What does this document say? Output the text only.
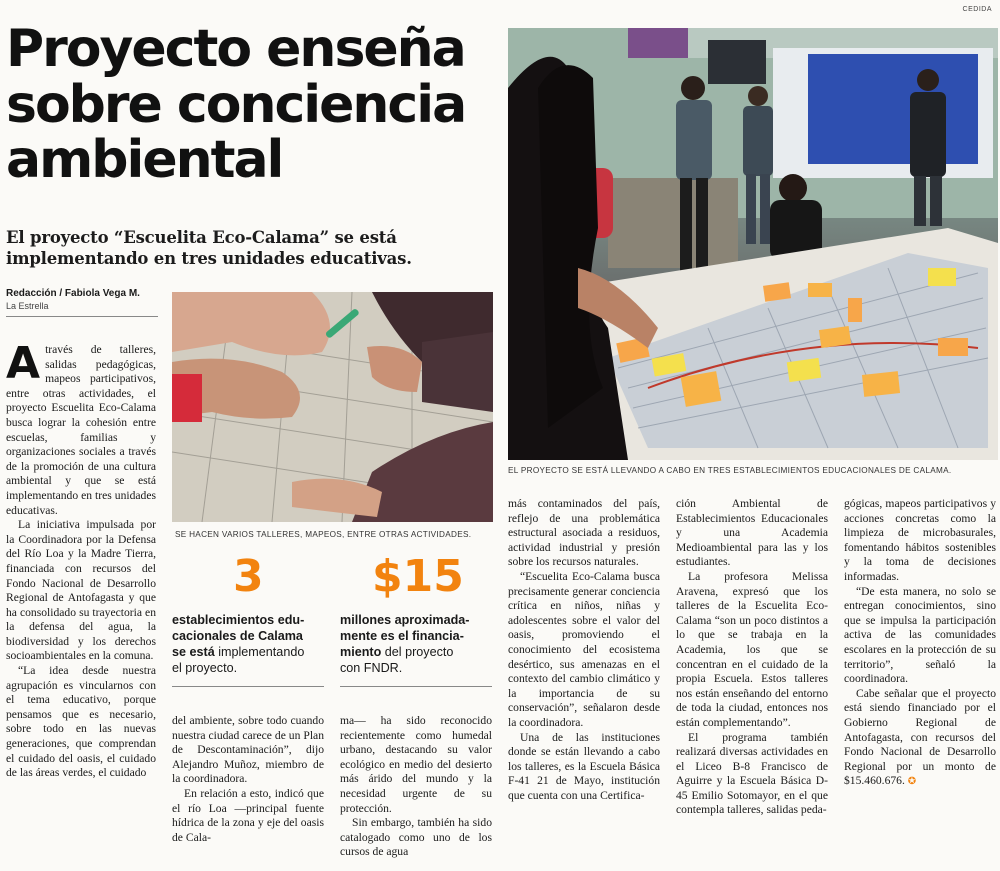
CEDIDA
Proyecto enseña
sobre conciencia
ambiental
El proyecto “Escuelita Eco-Calama” se está
implementando en tres unidades educativas.
Redacción / Fabiola Vega M.
La Estrella
EL PROYECTO SE ESTÁ LLEVANDO A CABO EN TRES ESTABLECIMIENTOS EDUCACIONALES DE CALAMA.
SE HACEN VARIOS TALLERES, MAPEOS, ENTRE OTRAS ACTIVIDADES.
3
establecimientos edu-
cacionales de Calama
se está implementando
el proyecto.
$15
millones aproximada-
mente es el financia-
miento del proyecto
con FNDR.

Através de talleres, salidas pedagógicas, mapeos participativos, entre otras actividades, el proyecto Escuelita Eco-Calama busca lograr la cohesión entre escuelas, familias y organizaciones sociales a través de la promoción de una cultura ambiental y que se está implementando en tres unidades educativas.

La iniciativa impulsada por la Coordinadora por la Defensa del Río Loa y la Madre Tierra, financiada con recursos del Fondo Nacional de Desarrollo Regional de Antofagasta y que ha consolidado su trayectoria en la defensa del agua, la biodiversidad y los derechos socioambientales en la comuna.

“La idea desde nuestra agrupación es vincularnos con el tema educativo, porque pensamos que es necesario, sobre todo en las nuevas generaciones, que comprendan el cuidado del oasis, el cuidado de las áreas verdes, el cuidado

del ambiente, sobre todo cuando nuestra ciudad carece de un Plan de Descontaminación”, dijo Alejandro Muñoz, miembro de la coordinadora.

En relación a esto, indicó que el río Loa —principal fuente hídrica de la zona y eje del oasis de Cala-

ma— ha sido reconocido recientemente como humedal urbano, destacando su valor ecológico en medio del desierto más árido del mundo y la necesidad urgente de su protección.

Sin embargo, también ha sido catalogado como uno de los cursos de agua

más contaminados del país, reflejo de una problemática estructural asociada a residuos, actividad industrial y presión sobre los recursos naturales.

“Escuelita Eco-Calama busca precisamente generar conciencia crítica en niños, niñas y adolescentes sobre el valor del oasis, promoviendo el conocimiento del ecosistema desértico, sus amenazas en el contexto del cambio climático y la importancia de su conservación”, señalaron desde la coordinadora.

Una de las instituciones donde se están llevando a cabo los talleres, es la Escuela Básica F-41 21 de Mayo, institución que cuenta con una Certifica-

ción Ambiental de Establecimientos Educacionales y una Academia Medioambiental para las y los estudiantes.

La profesora Melissa Aravena, expresó que los talleres de la Escuelita Eco-Calama “son un poco distintos a lo que se trabaja en la Academia, los que se concentran en el cuidado de la propia Escuela. Estos talleres nos están enseñando del entorno de toda la ciudad, entonces nos están complementando”.

El programa también realizará diversas actividades en el Liceo B-8 Francisco de Aguirre y la Escuela Básica D-45 Emilio Sotomayor, en el que contempla talleres, salidas peda-

gógicas, mapeos participativos y acciones concretas como la limpieza de microbasurales, fomentando hábitos sostenibles y la toma de decisiones informadas.

“De esta manera, no solo se entregan conocimientos, sino que se impulsa la participación activa de las comunidades escolares en la protección de su territorio”, señaló la coordinadora.

Cabe señalar que el proyecto está siendo financiado por el Gobierno Regional de Antofagasta, con recursos del Fondo Nacional de Desarrollo Regional por un monto de $15.460.676. ✪
